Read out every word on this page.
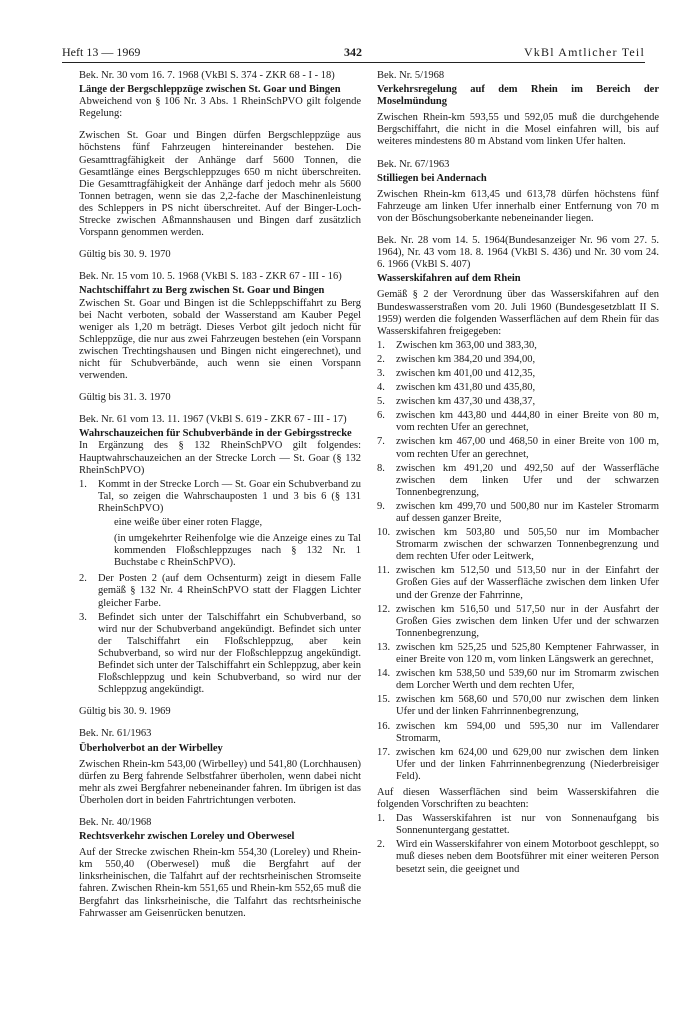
Heft 13 — 1969	342	VkBl Amtlicher Teil

Bek. Nr. 30 vom 16. 7. 1968 (VkBl S. 374 - ZKR 68 - I - 18)

Länge der Bergschleppzüge zwischen St. Goar und Bingen

Abweichend von § 106 Nr. 3 Abs. 1 RheinSchPVO gilt folgende Regelung:

Zwischen St. Goar und Bingen dürfen Bergschleppzüge aus höchstens fünf Fahrzeugen hintereinander bestehen. Die Gesamttragfähigkeit der Anhänge darf 5600 Tonnen, die Gesamtlänge eines Bergschleppzuges 650 m nicht überschreiten. Die Gesamttragfähigkeit der Anhänge darf jedoch mehr als 5600 Tonnen betragen, wenn sie das 2,2-fache der Maschinenleistung des Schleppers in PS nicht überschreitet. Auf der Binger-Loch-Strecke zwischen Aßmannshausen und Bingen darf zusätzlich Vorspann genommen werden.

Gültig bis 30. 9. 1970

Bek. Nr. 15 vom 10. 5. 1968 (VkBl S. 183 - ZKR 67 - III - 16)

Nachtschiffahrt zu Berg zwischen St. Goar und Bingen

Zwischen St. Goar und Bingen ist die Schleppschiffahrt zu Berg bei Nacht verboten, sobald der Wasserstand am Kauber Pegel weniger als 1,20 m beträgt. Dieses Verbot gilt jedoch nicht für Schleppzüge, die nur aus zwei Fahrzeugen bestehen (ein Vorspann zwischen Trechtingshausen und Bingen nicht eingerechnet), und nicht für Schubverbände, auch wenn sie einen Vorspann verwenden.

Gültig bis 31. 3. 1970

Bek. Nr. 61 vom 13. 11. 1967 (VkBl S. 619 - ZKR 67 - III - 17)

Wahrschauzeichen für Schubverbände in der Gebirgsstrecke

In Ergänzung des § 132 RheinSchPVO gilt folgendes: Hauptwahrschauzeichen an der Strecke Lorch — St. Goar (§ 132 RheinSchPVO)

1. Kommt in der Strecke Lorch — St. Goar ein Schubverband zu Tal, so zeigen die Wahrschauposten 1 und 3 bis 6 (§ 131 RheinSchPVO)

eine weiße über einer roten Flagge,

(in umgekehrter Reihenfolge wie die Anzeige eines zu Tal kommenden Floßschleppzuges nach § 132 Nr. 1 Buchstabe c RheinSchPVO).

2. Der Posten 2 (auf dem Ochsenturm) zeigt in diesem Falle gemäß § 132 Nr. 4 RheinSchPVO statt der Flaggen Lichter gleicher Farbe.
3. Befindet sich unter der Talschiffahrt ein Schubverband, so wird nur der Schubverband angekündigt. Befindet sich unter der Talschiffahrt ein Floßschleppzug, aber kein Schubverband, so wird nur der Floßschleppzug angekündigt. Befindet sich unter der Talschiffahrt ein Schleppzug, aber kein Floßschleppzug und kein Schubverband, so wird nur der Schleppzug angekündigt.

Gültig bis 30. 9. 1969

Bek. Nr. 61/1963

Überholverbot an der Wirbelley

Zwischen Rhein-km 543,00 (Wirbelley) und 541,80 (Lorchhausen) dürfen zu Berg fahrende Selbstfahrer überholen, wenn dabei nicht mehr als zwei Bergfahrer nebeneinander fahren. Im übrigen ist das Überholen dort in beiden Fahrtrichtungen verboten.

Bek. Nr. 40/1968

Rechtsverkehr zwischen Loreley und Oberwesel

Auf der Strecke zwischen Rhein-km 554,30 (Loreley) und Rhein-km 550,40 (Oberwesel) muß die Bergfahrt auf der linksrheinischen, die Talfahrt auf der rechtsrheinischen Stromseite fahren. Zwischen Rhein-km 551,65 und Rhein-km 552,65 muß die Bergfahrt das linksrheinische, die Talfahrt das rechtsrheinische Fahrwasser am Geisenrücken benutzen.

Bek. Nr. 5/1968

Verkehrsregelung auf dem Rhein im Bereich der Moselmündung

Zwischen Rhein-km 593,55 und 592,05 muß die durchgehende Bergschiffahrt, die nicht in die Mosel einfahren will, bis auf weiteres mindestens 80 m Abstand vom linken Ufer halten.

Bek. Nr. 67/1963

Stilliegen bei Andernach

Zwischen Rhein-km 613,45 und 613,78 dürfen höchstens fünf Fahrzeuge am linken Ufer innerhalb einer Entfernung von 70 m von der Böschungsoberkante nebeneinander liegen.

Bek. Nr. 28 vom 14. 5. 1964(Bundesanzeiger Nr. 96 vom 27. 5. 1964), Nr. 43 vom 18. 8. 1964 (VkBl S. 436) und Nr. 30 vom 24. 6. 1966 (VkBl S. 407)

Wasserskifahren auf dem Rhein

Gemäß § 2 der Verordnung über das Wasserskifahren auf den Bundeswasserstraßen vom 20. Juli 1960 (Bundesgesetzblatt II S. 1959) werden die folgenden Wasserflächen auf dem Rhein für das Wasserskifahren freigegeben:

1. Zwischen km 363,00 und 383,30,
2. zwischen km 384,20 und 394,00,
3. zwischen km 401,00 und 412,35,
4. zwischen km 431,80 und 435,80,
5. zwischen km 437,30 und 438,37,
6. zwischen km 443,80 und 444,80 in einer Breite von 80 m, vom rechten Ufer an gerechnet,
7. zwischen km 467,00 und 468,50 in einer Breite von 100 m, vom rechten Ufer an gerechnet,
8. zwischen km 491,20 und 492,50 auf der Wasserfläche zwischen dem linken Ufer und der schwarzen Tonnenbegrenzung,
9. zwischen km 499,70 und 500,80 nur im Kasteler Stromarm auf dessen ganzer Breite,
10. zwischen km 503,80 und 505,50 nur im Mombacher Stromarm zwischen der schwarzen Tonnenbegrenzung und dem rechten Ufer oder Leitwerk,
11. zwischen km 512,50 und 513,50 nur in der Einfahrt der Großen Gies auf der Wasserfläche zwischen dem linken Ufer und der Grenze der Fahrrinne,
12. zwischen km 516,50 und 517,50 nur in der Ausfahrt der Großen Gies zwischen dem linken Ufer und der schwarzen Tonnenbegrenzung,
13. zwischen km 525,25 und 525,80 Kemptener Fahrwasser, in einer Breite von 120 m, vom linken Längswerk an gerechnet,
14. zwischen km 538,50 und 539,60 nur im Stromarm zwischen dem Lorcher Werth und dem rechten Ufer,
15. zwischen km 568,60 und 570,00 nur zwischen dem linken Ufer und der linken Fahrrinnenbegrenzung,
16. zwischen km 594,00 und 595,30 nur im Vallendarer Stromarm,
17. zwischen km 624,00 und 629,00 nur zwischen dem linken Ufer und der linken Fahrrinnenbegrenzung (Niederbreisiger Feld).

Auf diesen Wasserflächen sind beim Wasserskifahren die folgenden Vorschriften zu beachten:

1. Das Wasserskifahren ist nur von Sonnenaufgang bis Sonnenuntergang gestattet.
2. Wird ein Wasserskifahrer von einem Motorboot geschleppt, so muß dieses neben dem Bootsführer mit einer weiteren Person besetzt sein, die geeignet und
